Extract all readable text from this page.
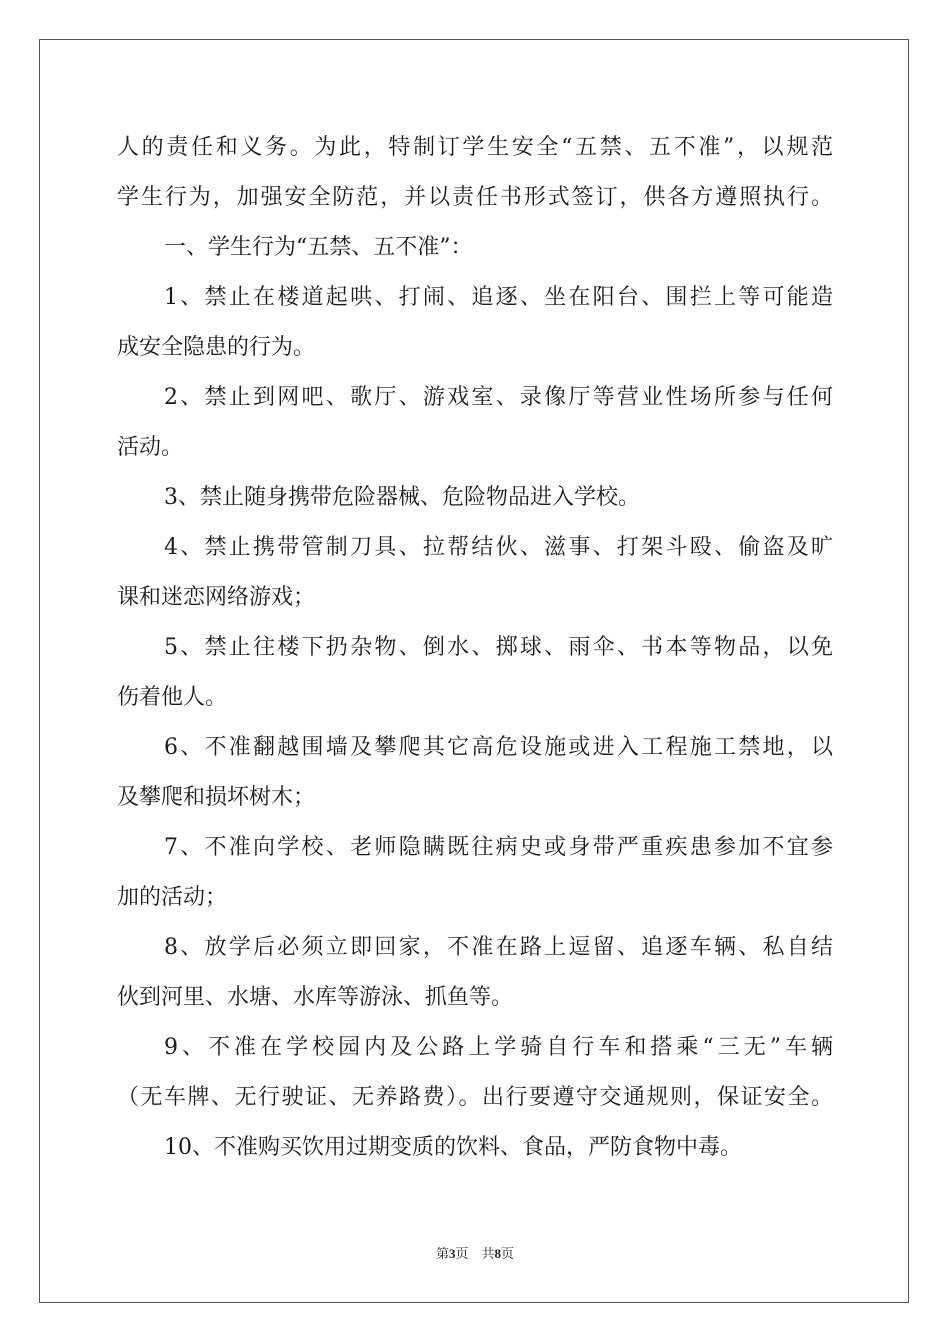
人的责任和义务。为此，特制订学生安全“五禁、五不准”，以规范
学生行为，加强安全防范，并以责任书形式签订，供各方遵照执行。
一、学生行为“五禁、五不准”：
1、禁止在楼道起哄、打闹、追逐、坐在阳台、围拦上等可能造
成安全隐患的行为。
2、禁止到网吧、歌厅、游戏室、录像厅等营业性场所参与任何
活动。
3、禁止随身携带危险器械、危险物品进入学校。
4、禁止携带管制刀具、拉帮结伙、滋事、打架斗殴、偷盗及旷
课和迷恋网络游戏；
5、禁止往楼下扔杂物、倒水、掷球、雨伞、书本等物品，以免
伤着他人。
6、不准翻越围墙及攀爬其它高危设施或进入工程施工禁地，以
及攀爬和损坏树木；
7、不准向学校、老师隐瞒既往病史或身带严重疾患参加不宜参
加的活动；
8、放学后必须立即回家，不准在路上逗留、追逐车辆、私自结
伙到河里、水塘、水库等游泳、抓鱼等。
9、不准在学校园内及公路上学骑自行车和搭乘“三无”车辆
（无车牌、无行驶证、无养路费）。出行要遵守交通规则，保证安全。
10、不准购买饮用过期变质的饮料、食品，严防食物中毒。
第3页　共8页
